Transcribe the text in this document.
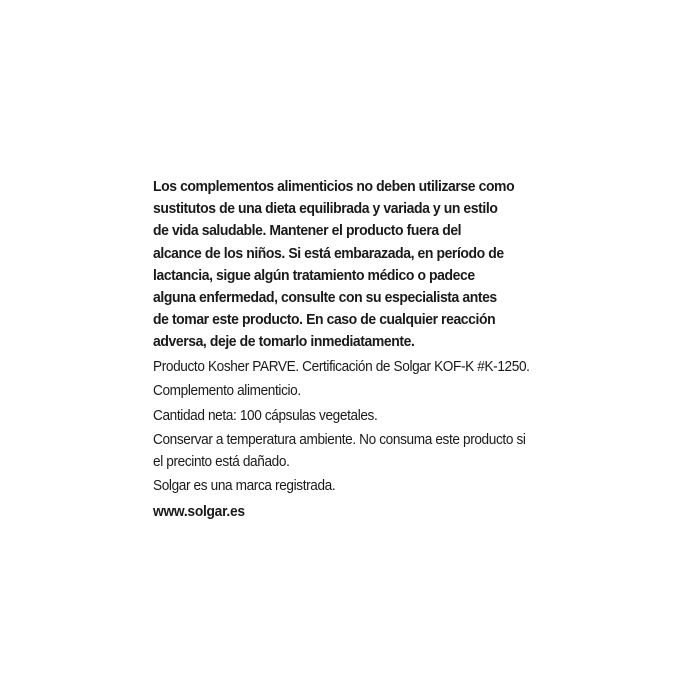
Los complementos alimenticios no deben utilizarse como
sustitutos de una dieta equilibrada y variada y un estilo
de vida saludable. Mantener el producto fuera del
alcance de los niños. Si está embarazada, en período de
lactancia, sigue algún tratamiento médico o padece
alguna enfermedad, consulte con su especialista antes
de tomar este producto. En caso de cualquier reacción
adversa, deje de tomarlo inmediatamente.

Producto Kosher PARVE. Certificación de Solgar KOF-K #K-1250.

Complemento alimenticio.

Cantidad neta: 100 cápsulas vegetales.

Conservar a temperatura ambiente. No consuma este producto si
el precinto está dañado.

Solgar es una marca registrada.

www.solgar.es
